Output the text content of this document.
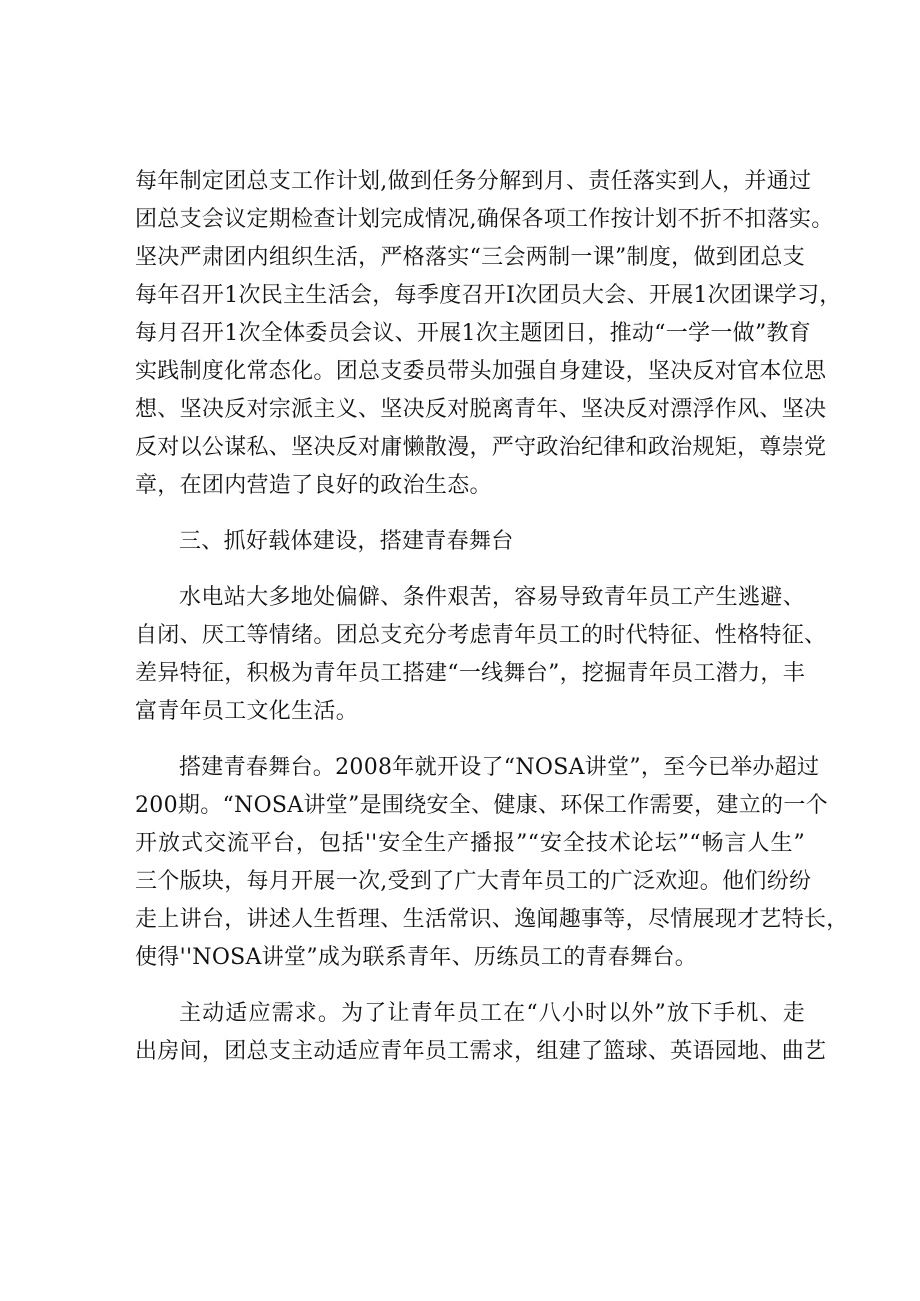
每年制定团总支工作计划,做到任务分解到月、责任落实到人，并通过
团总支会议定期检查计划完成情况,确保各项工作按计划不折不扣落实。
坚决严肃团内组织生活，严格落实“三会两制一课”制度，做到团总支
每年召开1次民主生活会，每季度召开I次团员大会、开展1次团课学习，
每月召开1次全体委员会议、开展1次主题团日，推动“一学一做”教育
实践制度化常态化。团总支委员带头加强自身建设，坚决反对官本位思
想、坚决反对宗派主义、坚决反对脱离青年、坚决反对漂浮作风、坚决
反对以公谋私、坚决反对庸懒散漫，严守政治纪律和政治规矩，尊崇党
章，在团内营造了良好的政治生态。
三、抓好载体建设，搭建青春舞台
水电站大多地处偏僻、条件艰苦，容易导致青年员工产生逃避、
自闭、厌工等情绪。团总支充分考虑青年员工的时代特征、性格特征、
差异特征，积极为青年员工搭建“一线舞台”，挖掘青年员工潜力，丰
富青年员工文化生活。
搭建青春舞台。2008年就开设了“NOSA讲堂”，至今已举办超过
200期。“NOSA讲堂”是围绕安全、健康、环保工作需要，建立的一个
开放式交流平台，包括''安全生产播报”“安全技术论坛”“畅言人生”
三个版块，每月开展一次,受到了广大青年员工的广泛欢迎。他们纷纷
走上讲台，讲述人生哲理、生活常识、逸闻趣事等，尽情展现才艺特长，
使得''NOSA讲堂”成为联系青年、历练员工的青春舞台。
主动适应需求。为了让青年员工在“八小时以外”放下手机、走
出房间，团总支主动适应青年员工需求，组建了篮球、英语园地、曲艺
